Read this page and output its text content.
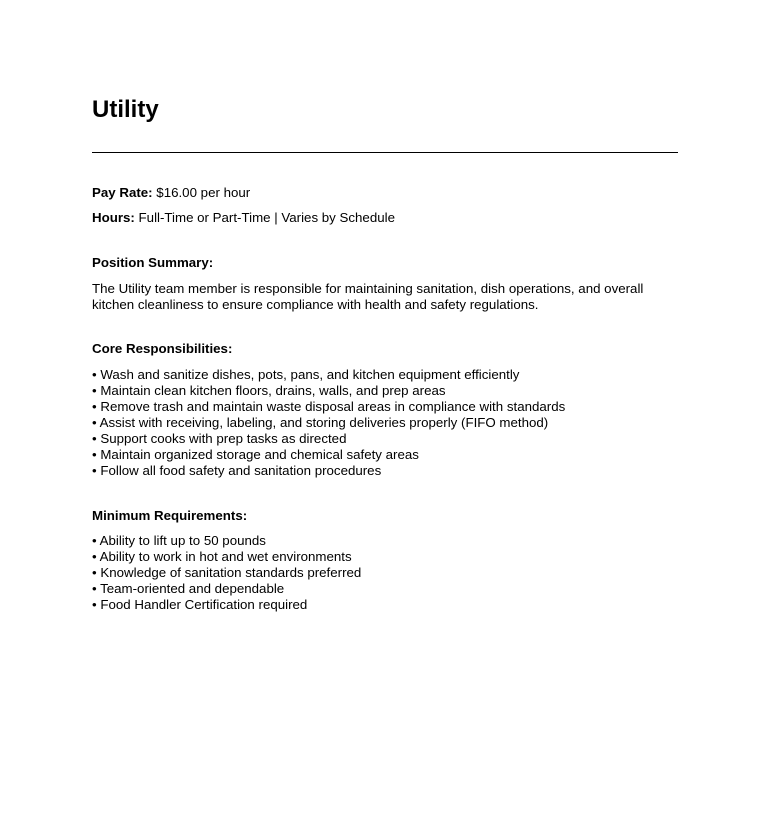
Utility
Pay Rate: $16.00 per hour
Hours: Full-Time or Part-Time | Varies by Schedule
Position Summary:

The Utility team member is responsible for maintaining sanitation, dish operations, and overall kitchen cleanliness to ensure compliance with health and safety regulations.

Core Responsibilities:
• Wash and sanitize dishes, pots, pans, and kitchen equipment efficiently
• Maintain clean kitchen floors, drains, walls, and prep areas
• Remove trash and maintain waste disposal areas in compliance with standards
• Assist with receiving, labeling, and storing deliveries properly (FIFO method)
• Support cooks with prep tasks as directed
• Maintain organized storage and chemical safety areas
• Follow all food safety and sanitation procedures
Minimum Requirements:
• Ability to lift up to 50 pounds
• Ability to work in hot and wet environments
• Knowledge of sanitation standards preferred
• Team-oriented and dependable
• Food Handler Certification required
